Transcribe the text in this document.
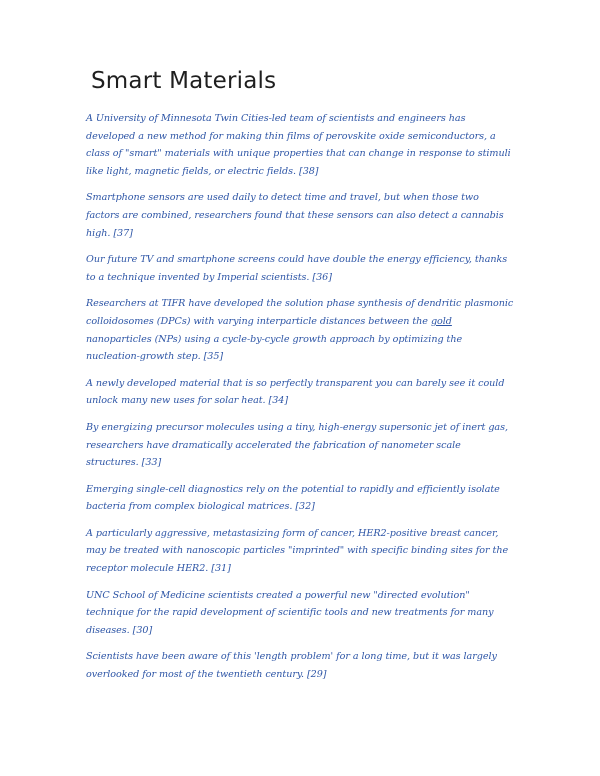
Smart Materials

A University of Minnesota Twin Cities-led team of scientists and engineers has developed a new method for making thin films of perovskite oxide semiconductors, a class of "smart" materials with unique properties that can change in response to stimuli like light, magnetic fields, or electric fields. [38]

Smartphone sensors are used daily to detect time and travel, but when those two factors are combined, researchers found that these sensors can also detect a cannabis high. [37]

Our future TV and smartphone screens could have double the energy efficiency, thanks to a technique invented by Imperial scientists. [36]

Researchers at TIFR have developed the solution phase synthesis of dendritic plasmonic colloidosomes (DPCs) with varying interparticle distances between the gold nanoparticles (NPs) using a cycle-by-cycle growth approach by optimizing the nucleation-growth step. [35]

A newly developed material that is so perfectly transparent you can barely see it could unlock many new uses for solar heat. [34]

By energizing precursor molecules using a tiny, high-energy supersonic jet of inert gas, researchers have dramatically accelerated the fabrication of nanometer scale structures. [33]

Emerging single-cell diagnostics rely on the potential to rapidly and efficiently isolate bacteria from complex biological matrices. [32]

A particularly aggressive, metastasizing form of cancer, HER2-positive breast cancer, may be treated with nanoscopic particles "imprinted" with specific binding sites for the receptor molecule HER2. [31]

UNC School of Medicine scientists created a powerful new "directed evolution" technique for the rapid development of scientific tools and new treatments for many diseases. [30]

Scientists have been aware of this 'length problem' for a long time, but it was largely overlooked for most of the twentieth century. [29]
